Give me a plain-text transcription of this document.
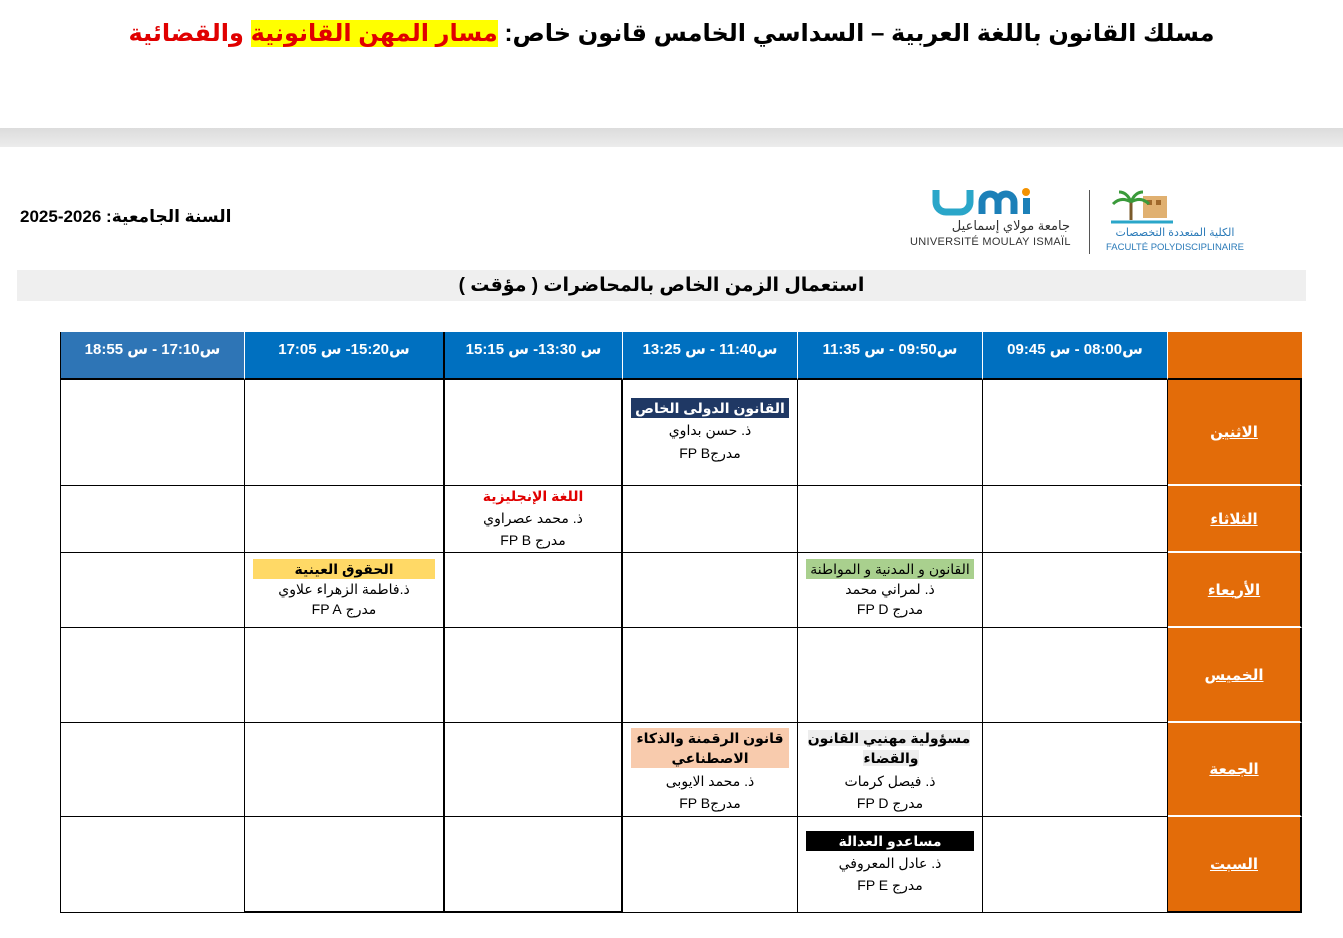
مسلك القانون باللغة العربية – السداسي الخامس قانون خاص: مسار المهن القانونية والقضائية
السنة الجامعية: 2025-2026	جامعة مولاي إسماعيل
UNIVERSITÉ MOULAY ISMAÏL
الكلية المتعددة التخصصات
FACULTÉ POLYDISCIPLINAIRE
استعمال الزمن الخاص بالمحاضرات ( مؤقت )
س08:00 - س 09:45
س09:50 - س 11:35
س11:40 - س 13:25
س 13:30- س 15:15
س15:20- س 17:05
س17:10 - س 18:55
الاثنين
القانون الدولى الخاص
ذ. حسن بداوي
مدرجFP B
الثلاثاء
اللغة الإنجليزية
ذ. محمد عصراوي
مدرج FP B
الأربعاء
القانون و المدنية و المواطنة
ذ. لمراني محمد
مدرج FP D
الحقوق العينية
ذ.فاطمة الزهراء علاوي
مدرج FP A
الخميس
الجمعة
مسؤولية مهنيي القانون والقضاء
ذ. فيصل كرمات
مدرج FP D
قانون الرقمنة والذكاء الاصطناعي
ذ. محمد الايوبى
مدرجFP B
السبت
مساعدو العدالة
ذ. عادل المعروفي
مدرج FP E
